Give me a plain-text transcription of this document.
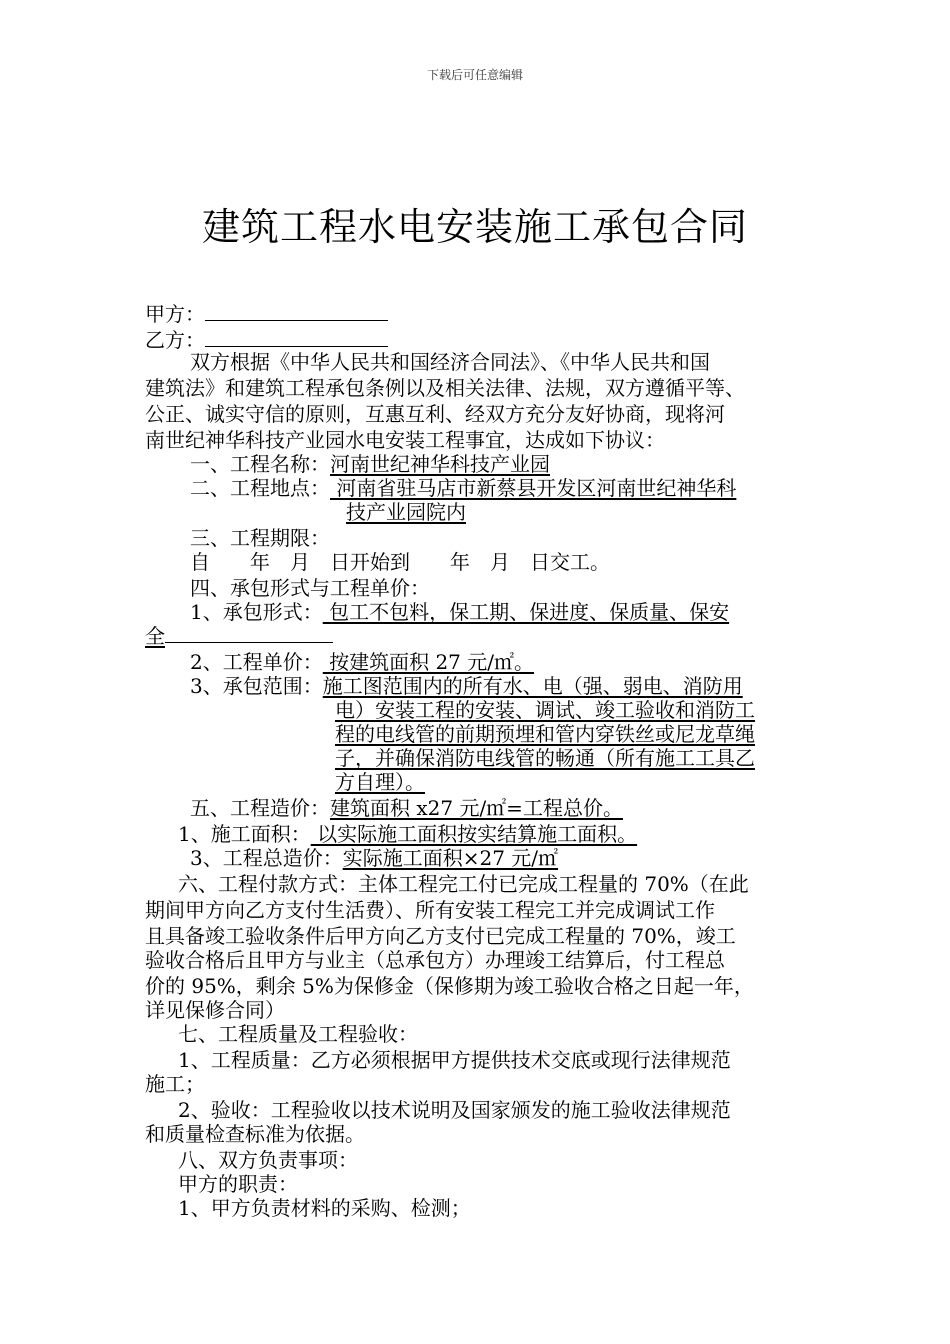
下载后可任意编辑
建筑工程水电安装施工承包合同
甲方：
乙方：
双方根据《中华人民共和国经济合同法》、《中华人民共和国
建筑法》和建筑工程承包条例以及相关法律、法规，双方遵循平等、
公正、诚实守信的原则，互惠互利、经双方充分友好协商，现将河
南世纪神华科技产业园水电安装工程事宜，达成如下协议：
一、工程名称：河南世纪神华科技产业园
二、工程地点： 河南省驻马店市新蔡县开发区河南世纪神华科
技产业园院内
三、工程期限：
自　　年　月　日开始到　　年　月　日交工。
四、承包形式与工程单价：
1、承包形式： 包工不包料，保工期、保进度、保质量、保安
全
2、工程单价： 按建筑面积 27 元/㎡。
3、承包范围：施工图范围内的所有水、电（强、弱电、消防用
电）安装工程的安装、调试、竣工验收和消防工
程的电线管的前期预埋和管内穿铁丝或尼龙草绳
子，并确保消防电线管的畅通（所有施工工具乙
方自理）。
五、工程造价：建筑面积 x27 元/㎡=工程总价。
1、施工面积： 以实际施工面积按实结算施工面积。
3、工程总造价：实际施工面积×27 元/㎡
六、工程付款方式：主体工程完工付已完成工程量的 70%（在此
期间甲方向乙方支付生活费）、所有安装工程完工并完成调试工作
且具备竣工验收条件后甲方向乙方支付已完成工程量的 70%，竣工
验收合格后且甲方与业主（总承包方）办理竣工结算后，付工程总
价的 95%，剩余 5%为保修金（保修期为竣工验收合格之日起一年，
详见保修合同）
七、工程质量及工程验收：
1、工程质量：乙方必须根据甲方提供技术交底或现行法律规范
施工；
2、验收：工程验收以技术说明及国家颁发的施工验收法律规范
和质量检查标准为依据。
八、双方负责事项：
甲方的职责：
1、甲方负责材料的采购、检测；
